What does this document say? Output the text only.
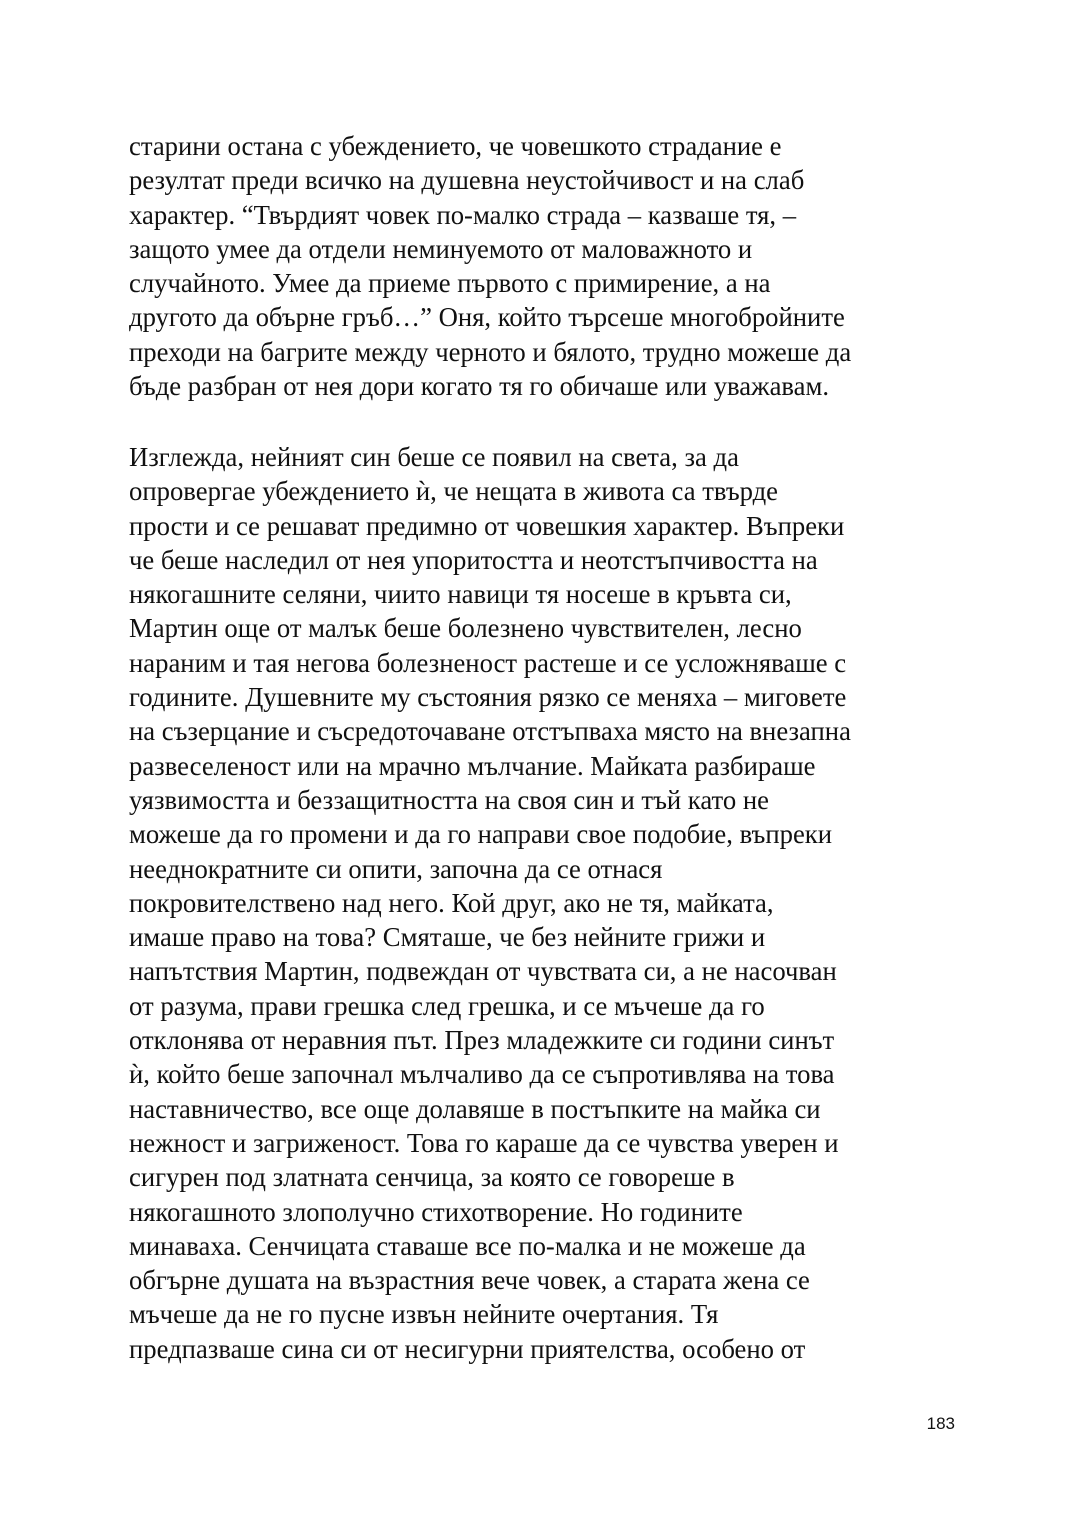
старини остана с убеждението, че човешкото страдание е
резултат преди всичко на душевна неустойчивост и на слаб
характер. “Твърдият човек по-малко страда – казваше тя, –
защото умее да отдели неминуемото от маловажното и
случайното. Умее да приеме първото с примирение, а на
другото да обърне гръб…” Оня, който търсеше многобройните
преходи на багрите между черното и бялото, трудно можеше да
бъде разбран от нея дори когато тя го обичаше или уважавам.
Изглежда, нейният син беше се появил на света, за да
опровергае убеждението ѝ, че нещата в живота са твърде
прости и се решават предимно от човешкия характер. Въпреки
че беше наследил от нея упоритостта и неотстъпчивостта на
някогашните селяни, чиито навици тя носеше в кръвта си,
Мартин още от малък беше болезнено чувствителен, лесно
нараним и тая негова болезненост растеше и се усложняваше с
годините. Душевните му състояния рязко се меняха – миговете
на съзерцание и съсредоточаване отстъпваха място на внезапна
развеселеност или на мрачно мълчание. Майката разбираше
уязвимостта и беззащитността на своя син и тъй като не
можеше да го промени и да го направи свое подобие, въпреки
нееднократните си опити, започна да се отнася
покровителствено над него. Кой друг, ако не тя, майката,
имаше право на това? Смяташе, че без нейните грижи и
напътствия Мартин, подвеждан от чувствата си, а не насочван
от разума, прави грешка след грешка, и се мъчеше да го
отклонява от неравния път. През младежките си години синът
ѝ, който беше започнал мълчаливо да се съпротивлява на това
наставничество, все още долавяше в постъпките на майка си
нежност и загриженост. Това го караше да се чувства уверен и
сигурен под златната сенчица, за която се говореше в
някогашното злополучно стихотворение. Но годините
минаваха. Сенчицата ставаше все по-малка и не можеше да
обгърне душата на възрастния вече човек, а старата жена се
мъчеше да не го пусне извън нейните очертания. Тя
предпазваше сина си от несигурни приятелства, особено от
183
